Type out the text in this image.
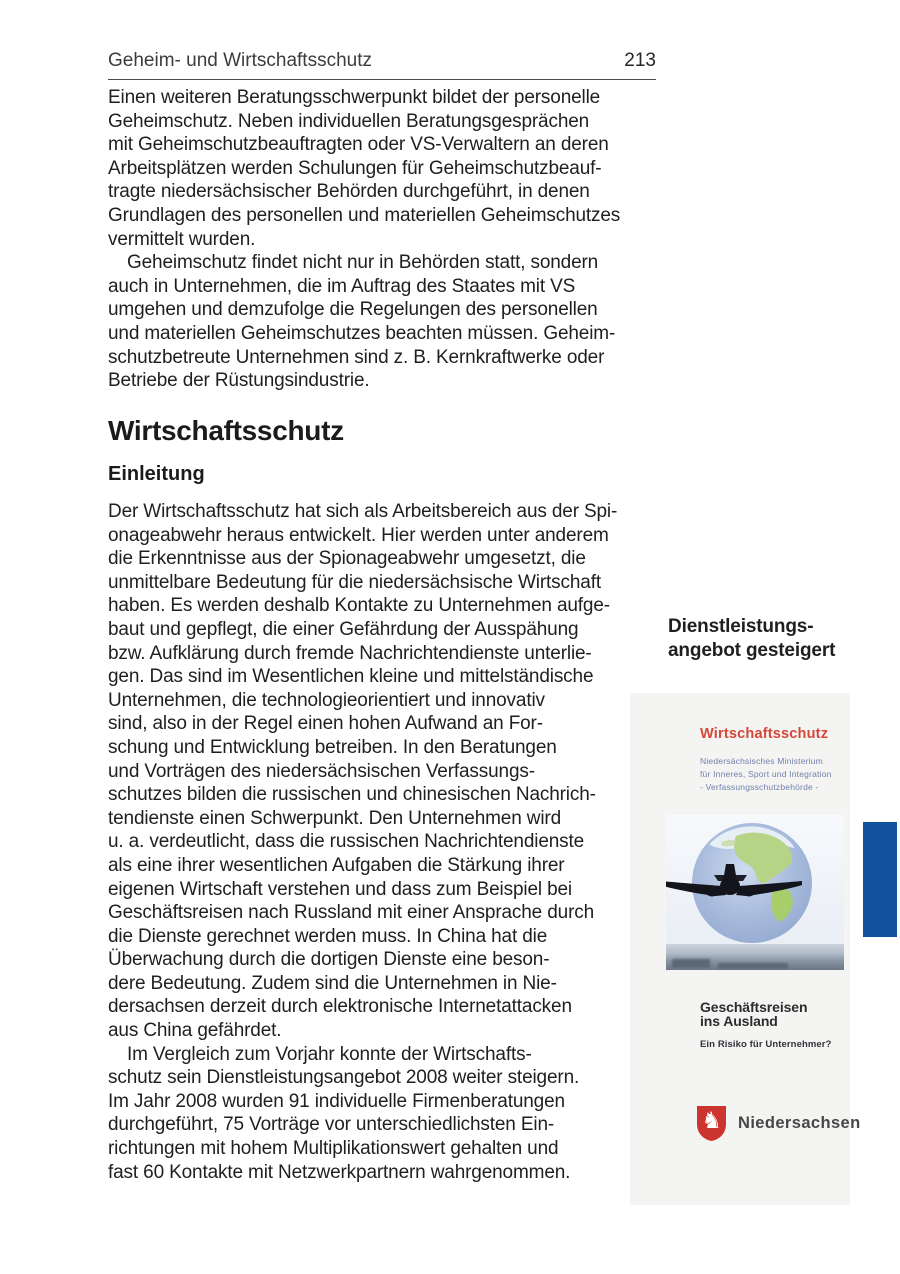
Geheim- und Wirtschaftsschutz	213
Einen weiteren Beratungsschwerpunkt bildet der personelle
Geheimschutz. Neben individuellen Beratungsgesprächen
mit Geheimschutzbeauftragten oder VS-Verwaltern an deren
Arbeitsplätzen werden Schulungen für Geheimschutzbeauf-
tragte niedersächsischer Behörden durchgeführt, in denen
Grundlagen des personellen und materiellen Geheimschutzes
vermittelt wurden.
Geheimschutz findet nicht nur in Behörden statt, sondern
auch in Unternehmen, die im Auftrag des Staates mit VS
umgehen und demzufolge die Regelungen des personellen
und materiellen Geheimschutzes beachten müssen. Geheim-
schutzbetreute Unternehmen sind z. B. Kernkraftwerke oder
Betriebe der Rüstungsindustrie.
Wirtschaftsschutz
Einleitung
Der Wirtschaftsschutz hat sich als Arbeitsbereich aus der Spi-
onageabwehr heraus entwickelt. Hier werden unter anderem
die Erkenntnisse aus der Spionageabwehr umgesetzt, die
unmittelbare Bedeutung für die niedersächsische Wirtschaft
haben. Es werden deshalb Kontakte zu Unternehmen aufge-
baut und gepflegt, die einer Gefährdung der Ausspähung
bzw. Aufklärung durch fremde Nachrichtendienste unterlie-
gen. Das sind im Wesentlichen kleine und mittelständische
Unternehmen, die technologieorientiert und innovativ
sind, also in der Regel einen hohen Aufwand an For-
schung und Entwicklung betreiben. In den Beratungen
und Vorträgen des niedersächsischen Verfassungs-
schutzes bilden die russischen und chinesischen Nachrich-
tendienste einen Schwerpunkt. Den Unternehmen wird
u. a. verdeutlicht, dass die russischen Nachrichtendienste
als eine ihrer wesentlichen Aufgaben die Stärkung ihrer
eigenen Wirtschaft verstehen und dass zum Beispiel bei
Geschäftsreisen nach Russland mit einer Ansprache durch
die Dienste gerechnet werden muss. In China hat die
Überwachung durch die dortigen Dienste eine beson-
dere Bedeutung. Zudem sind die Unternehmen in Nie-
dersachsen derzeit durch elektronische Internetattacken
aus China gefährdet.
Im Vergleich zum Vorjahr konnte der Wirtschafts-
schutz sein Dienstleistungsangebot 2008 weiter steigern.
Im Jahr 2008 wurden 91 individuelle Firmenberatungen
durchgeführt, 75 Vorträge vor unterschiedlichsten Ein-
richtungen mit hohem Multiplikationswert gehalten und
fast 60 Kontakte mit Netzwerkpartnern wahrgenommen.
Dienstleistungs-
angebot gesteigert
Wirtschaftsschutz
Niedersächsisches Ministerium
für Inneres, Sport und Integration
- Verfassungsschutzbehörde -
Geschäftsreisen
ins Ausland
Ein Risiko für Unternehmer?
♞ Niedersachsen
